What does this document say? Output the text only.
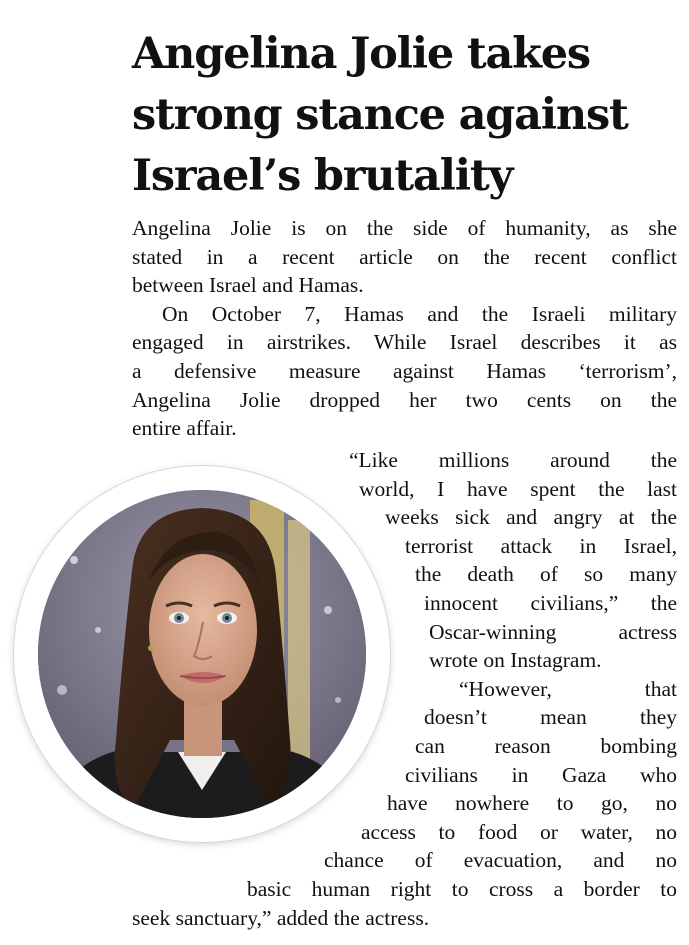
Angelina Jolie takes
strong stance against
Israel’s brutality

Angelina Jolie is on the side of humanity, as she
stated in a recent article on the recent conflict
between Israel and Hamas.

On October 7, Hamas and the Israeli military
engaged in airstrikes. While Israel describes it as
a defensive measure against Hamas ‘terrorism’,
Angelina Jolie dropped her two cents on the
entire affair.

“Like millions around the
world, I have spent the last
weeks sick and angry at the
terrorist attack in Israel,
the death of so many
innocent civilians,” the
Oscar-winning actress
wrote on Instagram.
“However, that
doesn’t mean they
can reason bombing
civilians in Gaza who
have nowhere to go, no
access to food or water, no
chance of evacuation, and no
basic human right to cross a border to
seek sanctuary,” added the actress.
